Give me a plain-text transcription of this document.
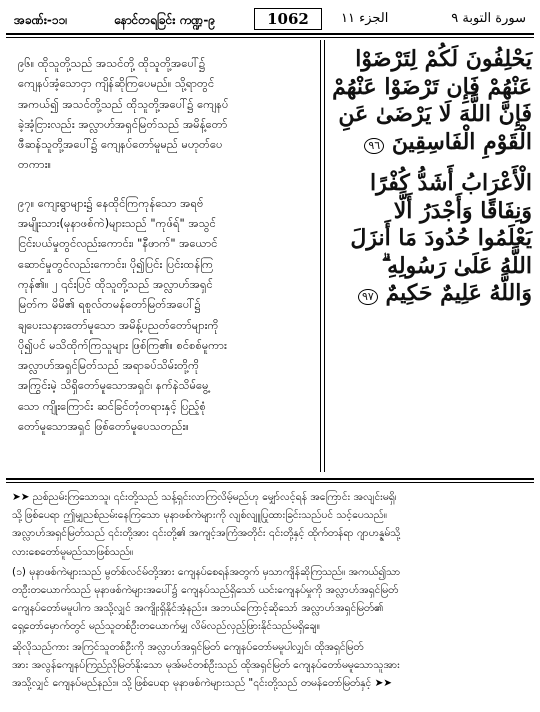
အခဏ်း-၁၁၊	နောင်တရခြင်း ကဏ္ဍ-၉	1062	الجزء ١١	سورة التوبة ٩

၉၆။ ထိုသူတို့သည် အသင်တို့ ထိုသူတို့အပေါ်၌
ကျေနပ်အံ့သောငှာ ကျိန်ဆိုကြပေမည်။ သို့ရာတွင်
အကယ်၍ အသင်တို့သည် ထိုသူတို့အပေါ်၌ ကျေနပ်
ခဲ့အံ့ငြားလည်း အလ္လာဟ်အရှင်မြတ်သည် အမိန့်တော်
ဖီဆန်သူတို့အပေါ်၌ ကျေနပ်တော်မူမည် မဟုတ်ပေ
တကား။

၉၇။ ကျေးရွာများ၌ နေထိုင်ကြကုန်သော အရဗ်
အမျိုးသား(မုနာဖစ်ကဲ)များသည် "ကုဖ်ရ်" အသွင်
ငြင်းပယ်မှုတွင်လည်းကောင်း၊ "နီဖာက်" အယောင်
ဆောင်မှုတွင်လည်းကောင်း၊ ပို၍ပြင်း ပြင်းထန်ကြ
ကုန်၏။ ၂ ၎င်းပြင် ထိုသူတို့သည် အလ္လာဟ်အရှင်
မြတ်က မိမိ၏ ရစူလ်တမန်တော်မြတ်အပေါ်၌
ချပေးသနားတော်မူသော အမိန့်ပညတ်တော်များကို
ပို၍ပင် မသိထိုက်ကြသူများ ဖြစ်ကြ၏။ စင်စစ်မူကား
အလ္လာဟ်အရှင်မြတ်သည် အရာခပ်သိမ်းတို့ကို
အကြွင်းမဲ့ သိရှိတော်မူသောအရှင်၊ နက်နဲသိမ်မွေ့
သော ကျိုးကြောင်း ဆင်ခြင်တုံတရားနှင့် ပြည့်စုံ
တော်မူသောအရှင် ဖြစ်တော်မူပေသတည်း။

يَحْلِفُونَ لَكُمْ لِتَرْضَوْا عَنْهُمْ فَإِن تَرْضَوْا عَنْهُمْ فَإِنَّ اللَّهَ لَا يَرْضَىٰ عَنِ الْقَوْمِ الْفَاسِقِينَ ٩٦
الْأَعْرَابُ أَشَدُّ كُفْرًا وَنِفَاقًا وَأَجْدَرُ أَلَّا يَعْلَمُوا حُدُودَ مَا أَنزَلَ اللَّهُ عَلَىٰ رَسُولِهِ ۗ وَاللَّهُ عَلِيمٌ حَكِيمٌ ٩٧

➤➤ ညစ်ညမ်းကြသောသူ၊ ၎င်းတို့သည် သန့်ရှင်းလာကြလိမ့်မည်ဟု မျှော်လင့်ရန် အကြောင်း အလျင်းမရှိ၊
သို့ဖြစ်ပေရာ ဤမျှညစ်ညမ်းနေကြသော မုနာဖစ်ကဲများကို လျစ်လျူပြုထားခြင်းသည်ပင် သင့်ပေသည်။
အလ္လာဟ်အရှင်မြတ်သည် ၎င်းတို့အား ၎င်းတို့၏ အကျင့်အကြံအတိုင်း ၎င်းတို့နှင့် ထိုက်တန်ရာ ဂျာဟန္နမ်သို့
လားစေတော်မူမည်သာဖြစ်သည်။

(၁) မုနာဖစ်ကဲများသည် မွတ်စ်လင်မ်တို့အား ကျေနပ်စေရန်အတွက် မှသာကျိန်ဆိုကြသည်။ အကယ်၍သာ
တဦးတယောက်သည် မုနာဖစ်ကဲများအပေါ်၌ ကျေနပ်သည်ရှိသော် ယင်းကျေနပ်မှုကို အလ္လာဟ်အရှင်မြတ်
ကျေနပ်တော်မမူပါက အသို့လျှင် အကျိုးရှိနိုင်အံ့နည်း။ အဘယ်ကြောင့်ဆိုသော် အလ္လာဟ်အရှင်မြတ်၏
ရှေ့တော်မှောက်တွင် မည်သူတစ်ဦးတယောက်မျှ လိမ်လည်လှည့်ဖြားနိုင်သည်မရှိချေ။

ဆိုလိုသည်ကား အကြင်သူတစ်ဦးကို အလ္လာဟ်အရှင်မြတ် ကျေနပ်တော်မမူပါလျှင်၊ ထိုအရှင်မြတ်
အား အလွန်ကျေနပ်ကြည်ညိုမြတ်နိုးသော မုအ်မင်တစ်ဦးသည် ထိုအရှင်မြတ် ကျေနပ်တော်မမူသောသူအား
အသို့လျှင် ကျေနပ်မည်နည်း။ သို့ဖြစ်ပေရာ မုနာဖစ်ကဲများသည် "၎င်းတို့သည် တမန်တော်မြတ်နှင့် ➤➤
